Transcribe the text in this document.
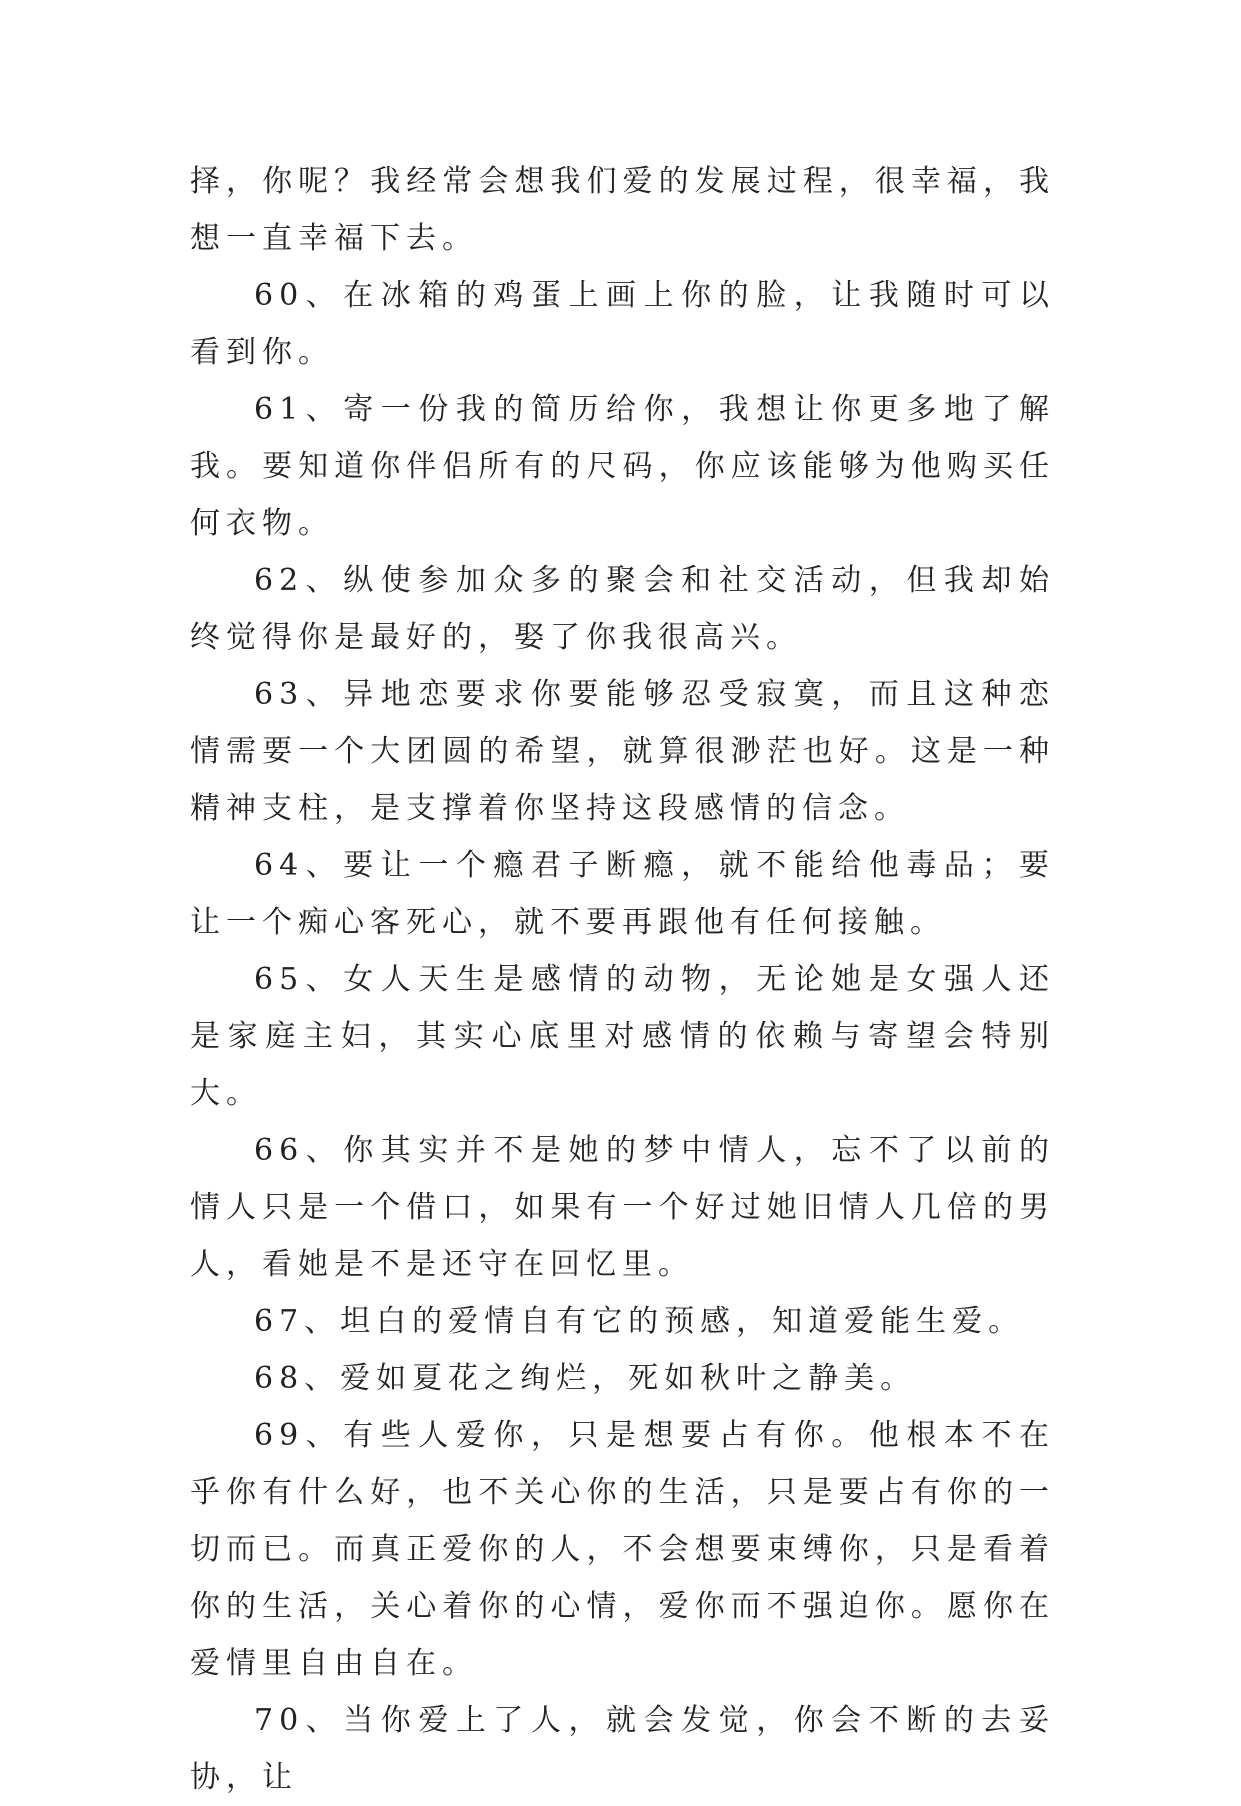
择，你呢？我经常会想我们爱的发展过程，很幸福，我想一直幸福下去。

60、在冰箱的鸡蛋上画上你的脸，让我随时可以看到你。

61、寄一份我的简历给你，我想让你更多地了解我。要知道你伴侣所有的尺码，你应该能够为他购买任何衣物。

62、纵使参加众多的聚会和社交活动，但我却始终觉得你是最好的，娶了你我很高兴。

63、异地恋要求你要能够忍受寂寞，而且这种恋情需要一个大团圆的希望，就算很渺茫也好。这是一种精神支柱，是支撑着你坚持这段感情的信念。

64、要让一个瘾君子断瘾，就不能给他毒品；要让一个痴心客死心，就不要再跟他有任何接触。

65、女人天生是感情的动物，无论她是女强人还是家庭主妇，其实心底里对感情的依赖与寄望会特别大。

66、你其实并不是她的梦中情人，忘不了以前的情人只是一个借口，如果有一个好过她旧情人几倍的男人，看她是不是还守在回忆里。

67、坦白的爱情自有它的预感，知道爱能生爱。

68、爱如夏花之绚烂，死如秋叶之静美。

69、有些人爱你，只是想要占有你。他根本不在乎你有什么好，也不关心你的生活，只是要占有你的一切而已。而真正爱你的人，不会想要束缚你，只是看着你的生活，关心着你的心情，爱你而不强迫你。愿你在爱情里自由自在。

70、当你爱上了人，就会发觉，你会不断的去妥协，让
